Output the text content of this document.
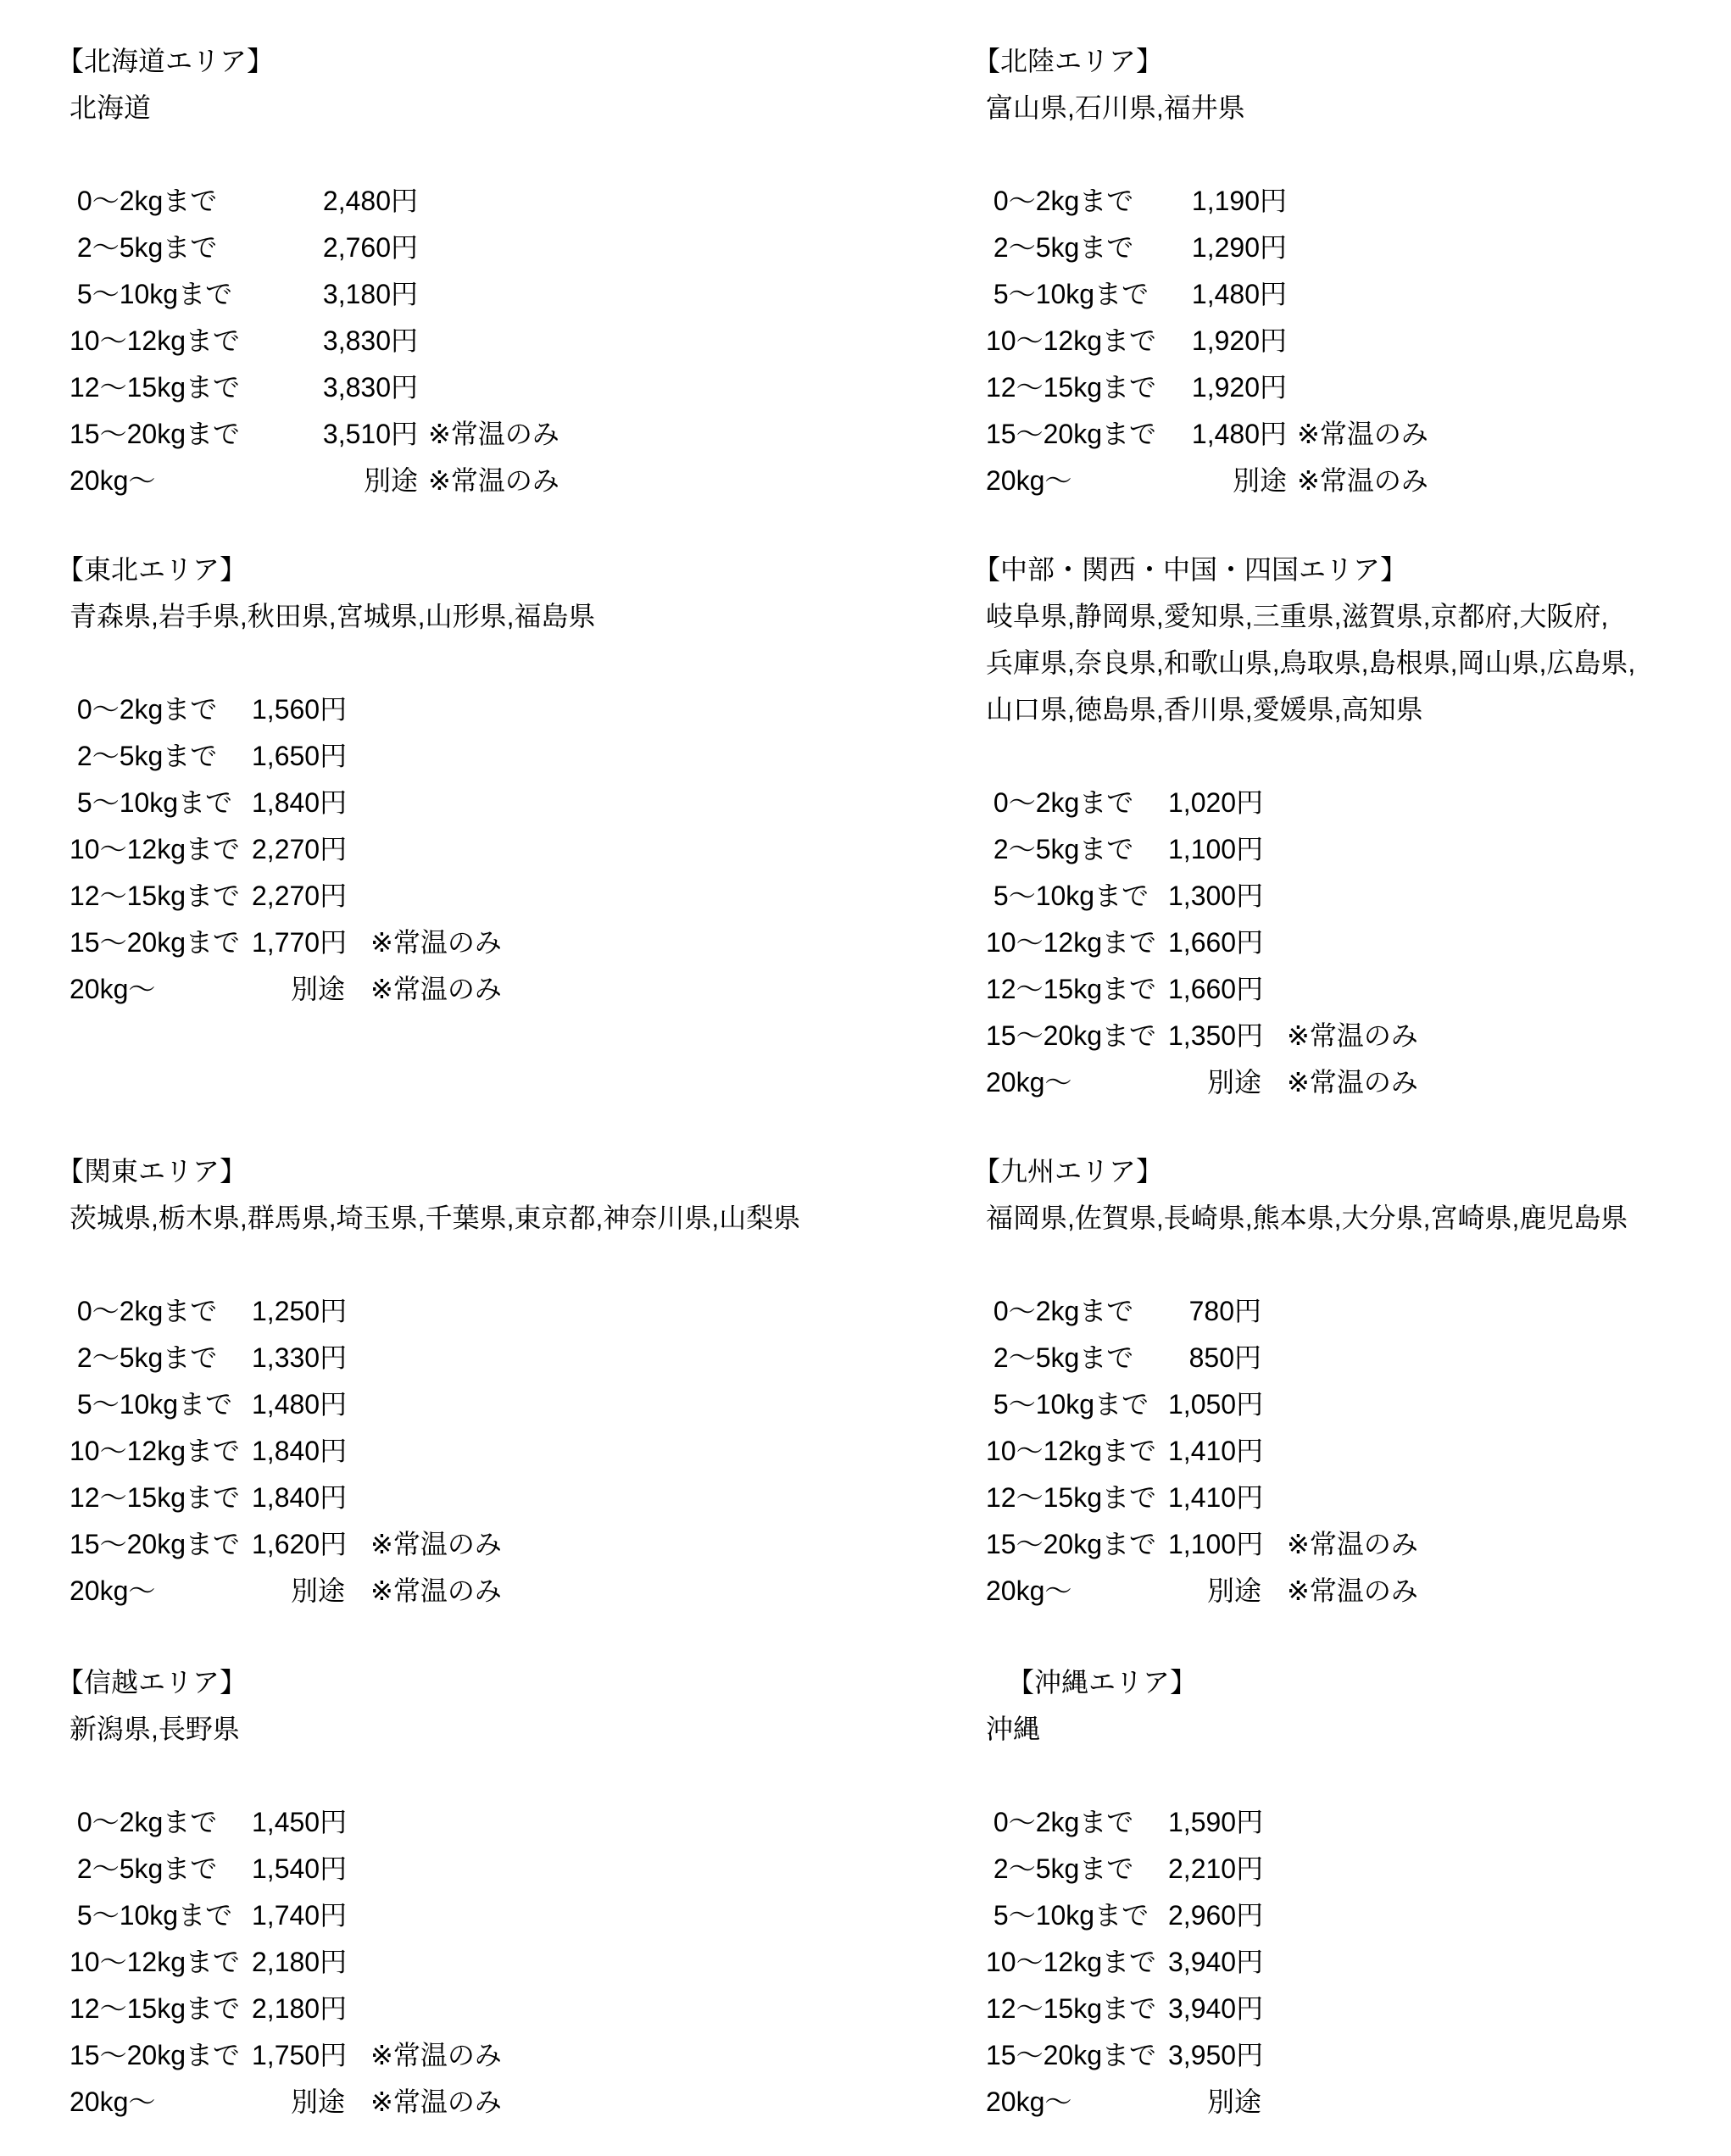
【北海道エリア】
北海道
0〜2kgまで	2,480円
2〜5kgまで	2,760円
5〜10kgまで	3,180円
10〜12kgまで	3,830円
12〜15kgまで	3,830円
15〜20kgまで	3,510円 ※常温のみ
20kg〜	別途 ※常温のみ
【北陸エリア】
富山県,石川県,福井県
0〜2kgまで	1,190円
2〜5kgまで	1,290円
5〜10kgまで	1,480円
10〜12kgまで	1,920円
12〜15kgまで	1,920円
15〜20kgまで	1,480円 ※常温のみ
20kg〜	別途 ※常温のみ
【東北エリア】
青森県,岩手県,秋田県,宮城県,山形県,福島県
0〜2kgまで	1,560円
2〜5kgまで	1,650円
5〜10kgまで 1,840円
10〜12kgまで 2,270円
12〜15kgまで 2,270円
15〜20kgまで 1,770円 ※常温のみ
20kg〜	別途 ※常温のみ
【中部・関西・中国・四国エリア】
岐阜県,静岡県,愛知県,三重県,滋賀県,京都府,大阪府,
兵庫県,奈良県,和歌山県,鳥取県,島根県,岡山県,広島県,
山口県,徳島県,香川県,愛媛県,高知県
0〜2kgまで	1,020円
2〜5kgまで	1,100円
5〜10kgまで 1,300円
10〜12kgまで 1,660円
12〜15kgまで 1,660円
15〜20kgまで 1,350円 ※常温のみ
20kg〜	別途 ※常温のみ
【関東エリア】
茨城県,栃木県,群馬県,埼玉県,千葉県,東京都,神奈川県,山梨県
0〜2kgまで	1,250円
2〜5kgまで	1,330円
5〜10kgまで 1,480円
10〜12kgまで 1,840円
12〜15kgまで 1,840円
15〜20kgまで 1,620円 ※常温のみ
20kg〜	別途 ※常温のみ
【九州エリア】
福岡県,佐賀県,長崎県,熊本県,大分県,宮崎県,鹿児島県
0〜2kgまで	780円
2〜5kgまで	850円
5〜10kgまで 1,050円
10〜12kgまで 1,410円
12〜15kgまで 1,410円
15〜20kgまで 1,100円 ※常温のみ
20kg〜	別途 ※常温のみ
【信越エリア】
新潟県,長野県
0〜2kgまで	1,450円
2〜5kgまで	1,540円
5〜10kgまで 1,740円
10〜12kgまで 2,180円
12〜15kgまで 2,180円
15〜20kgまで 1,750円 ※常温のみ
20kg〜	別途 ※常温のみ
【沖縄エリア】
沖縄
0〜2kgまで	1,590円
2〜5kgまで	2,210円
5〜10kgまで 2,960円
10〜12kgまで 3,940円
12〜15kgまで 3,940円
15〜20kgまで 3,950円
20kg〜	別途
